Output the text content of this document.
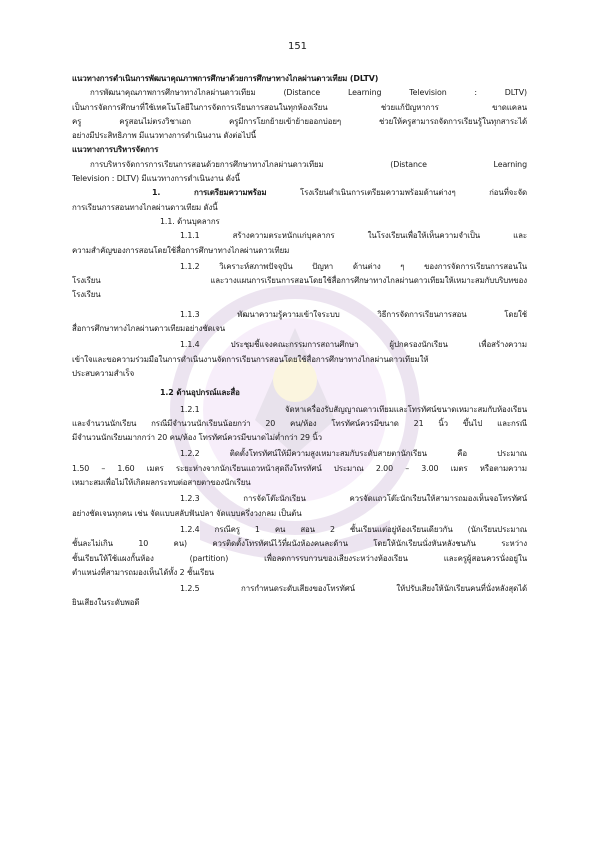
151

แนวทางการดำเนินการพัฒนาคุณภาพการศึกษาด้วยการศึกษาทางไกลผ่านดาวเทียม (DLTV)

การพัฒนาคุณภาพการศึกษาทางไกลผ่านดาวเทียม (Distance Learning Television : DLTV)

เป็นการจัดการศึกษาที่ใช้เทคโนโลยีในการจัดการเรียนการสอนในทุกห้องเรียน ช่วยแก้ปัญหาการ ขาดแคลน

ครู ครูสอนไม่ตรงวิชาเอก ครูมีการโยกย้ายเข้าย้ายออกบ่อยๆ ช่วยให้ครูสามารถจัดการเรียนรู้ในทุกสาระได้

อย่างมีประสิทธิภาพ มีแนวทางการดำเนินงาน ดังต่อไปนี้

แนวทางการบริหารจัดการ

การบริหารจัดการการเรียนการสอนด้วยการศึกษาทางไกลผ่านดาวเทียม (Distance Learning

Television : DLTV) มีแนวทางการดำเนินงาน ดังนี้

1. การเตรียมความพร้อม โรงเรียนดำเนินการเตรียมความพร้อมด้านต่างๆ ก่อนที่จะจัด

การเรียนการสอนทางไกลผ่านดาวเทียม ดังนี้

1.1. ด้านบุคลากร

1.1.1 สร้างความตระหนักแก่บุคลากร ในโรงเรียนเพื่อให้เห็นความจำเป็น และ

ความสำคัญของการสอนโดยใช้สื่อการศึกษาทางไกลผ่านดาวเทียม

1.1.2 วิเคราะห์สภาพปัจจุบัน ปัญหา ด้านต่าง ๆ ของการจัดการเรียนการสอนใน

โรงเรียน และวางแผนการเรียนการสอนโดยใช้สื่อการศึกษาทางไกลผ่านดาวเทียมให้เหมาะสมกับบริบทของ

โรงเรียน

1.1.3 พัฒนาความรู้ความเข้าใจระบบ วิธีการจัดการเรียนการสอน โดยใช้

สื่อการศึกษาทางไกลผ่านดาวเทียมอย่างชัดเจน

1.1.4 ประชุมชี้แจงคณะกรรมการสถานศึกษา ผู้ปกครองนักเรียน เพื่อสร้างความ

เข้าใจและขอความร่วมมือในการดำเนินงานจัดการเรียนการสอนโดยใช้สื่อการศึกษาทางไกลผ่านดาวเทียมให้

ประสบความสำเร็จ

1.2 ด้านอุปกรณ์และสื่อ

1.2.1 จัดหาเครื่องรับสัญญาณดาวเทียมและโทรทัศน์ขนาดเหมาะสมกับห้องเรียน

และจำนวนนักเรียน กรณีมีจำนวนนักเรียนน้อยกว่า 20 คน/ห้อง โทรทัศน์ควรมีขนาด 21 นิ้ว ขึ้นไป และกรณี

มีจำนวนนักเรียนมากกว่า 20 คน/ห้อง โทรทัศน์ควรมีขนาดไม่ต่ำกว่า 29 นิ้ว

1.2.2 ติดตั้งโทรทัศน์ให้มีความสูงเหมาะสมกับระดับสายตานักเรียน คือ ประมาณ

1.50 – 1.60 เมตร ระยะห่างจากนักเรียนแถวหน้าสุดถึงโทรทัศน์ ประมาณ 2.00 – 3.00 เมตร หรือตามความ

เหมาะสมเพื่อไม่ให้เกิดผลกระทบต่อสายตาของนักเรียน

1.2.3 การจัดโต๊ะนักเรียน ควรจัดแถวโต๊ะนักเรียนให้สามารถมองเห็นจอโทรทัศน์

อย่างชัดเจนทุกคน เช่น จัดแบบสลับฟันปลา จัดแบบครึ่งวงกลม เป็นต้น

1.2.4 กรณีครู 1 คน สอน 2 ชั้นเรียนแต่อยู่ห้องเรียนเดียวกัน (นักเรียนประมาณ

ชั้นละไม่เกิน 10 คน) ควรติดตั้งโทรทัศน์ไว้ที่ผนังห้องคนละด้าน โดยให้นักเรียนนั่งหันหลังชนกัน ระหว่าง

ชั้นเรียนให้ใช้แผงกั้นห้อง (partition) เพื่อลดการรบกวนของเสียงระหว่างห้องเรียน และครูผู้สอนควรนั่งอยู่ใน

ตำแหน่งที่สามารถมองเห็นได้ทั้ง 2 ชั้นเรียน

1.2.5 การกำหนดระดับเสียงของโทรทัศน์ ให้ปรับเสียงให้นักเรียนคนที่นั่งหลังสุดได้

ยินเสียงในระดับพอดี
